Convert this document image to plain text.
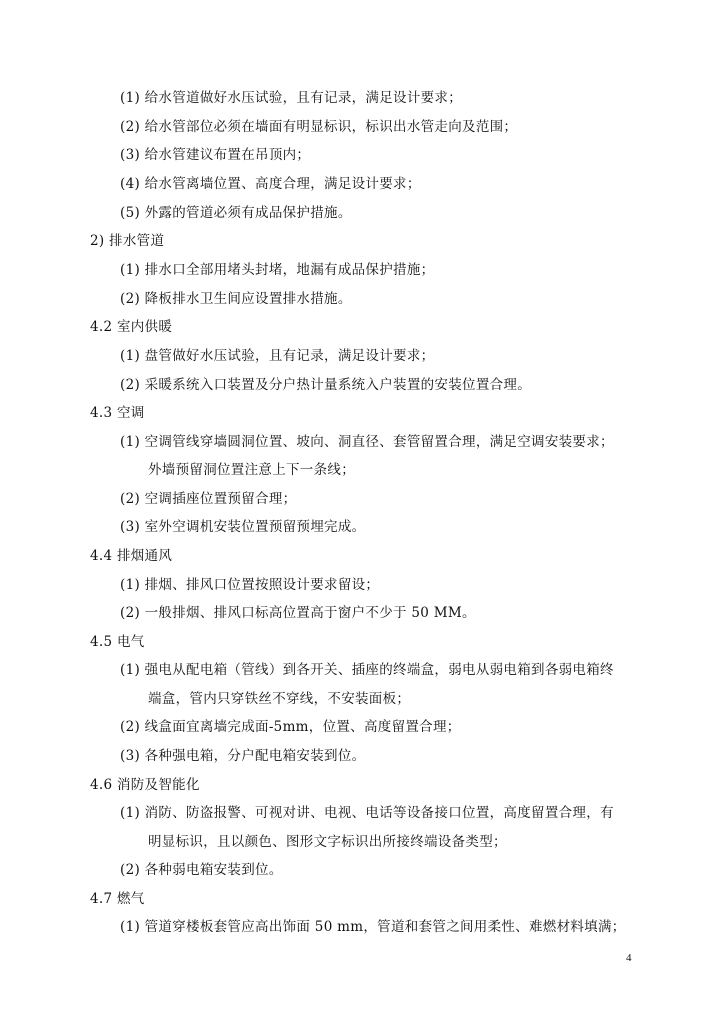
(1) 给水管道做好水压试验，且有记录，满足设计要求；
(2) 给水管部位必须在墙面有明显标识，标识出水管走向及范围；
(3) 给水管建议布置在吊顶内；
(4) 给水管离墙位置、高度合理，满足设计要求；
(5) 外露的管道必须有成品保护措施。
2) 排水管道
(1) 排水口全部用堵头封堵，地漏有成品保护措施；
(2) 降板排水卫生间应设置排水措施。
4.2 室内供暖
(1) 盘管做好水压试验，且有记录，满足设计要求；
(2) 采暖系统入口装置及分户热计量系统入户装置的安装位置合理。
4.3 空调
(1) 空调管线穿墙圆洞位置、坡向、洞直径、套管留置合理，满足空调安装要求；
外墙预留洞位置注意上下一条线；
(2) 空调插座位置预留合理；
(3) 室外空调机安装位置预留预埋完成。
4.4 排烟通风
(1) 排烟、排风口位置按照设计要求留设；
(2) 一般排烟、排风口标高位置高于窗户不少于 50 MM。
4.5 电气
(1) 强电从配电箱（管线）到各开关、插座的终端盒，弱电从弱电箱到各弱电箱终
端盒，管内只穿铁丝不穿线，不安装面板；
(2) 线盒面宜离墙完成面-5mm，位置、高度留置合理；
(3) 各种强电箱，分户配电箱安装到位。
4.6 消防及智能化
(1) 消防、防盗报警、可视对讲、电视、电话等设备接口位置，高度留置合理，有
明显标识，且以颜色、图形文字标识出所接终端设备类型；
(2) 各种弱电箱安装到位。
4.7 燃气
(1) 管道穿楼板套管应高出饰面 50 mm，管道和套管之间用柔性、难燃材料填满；
4
